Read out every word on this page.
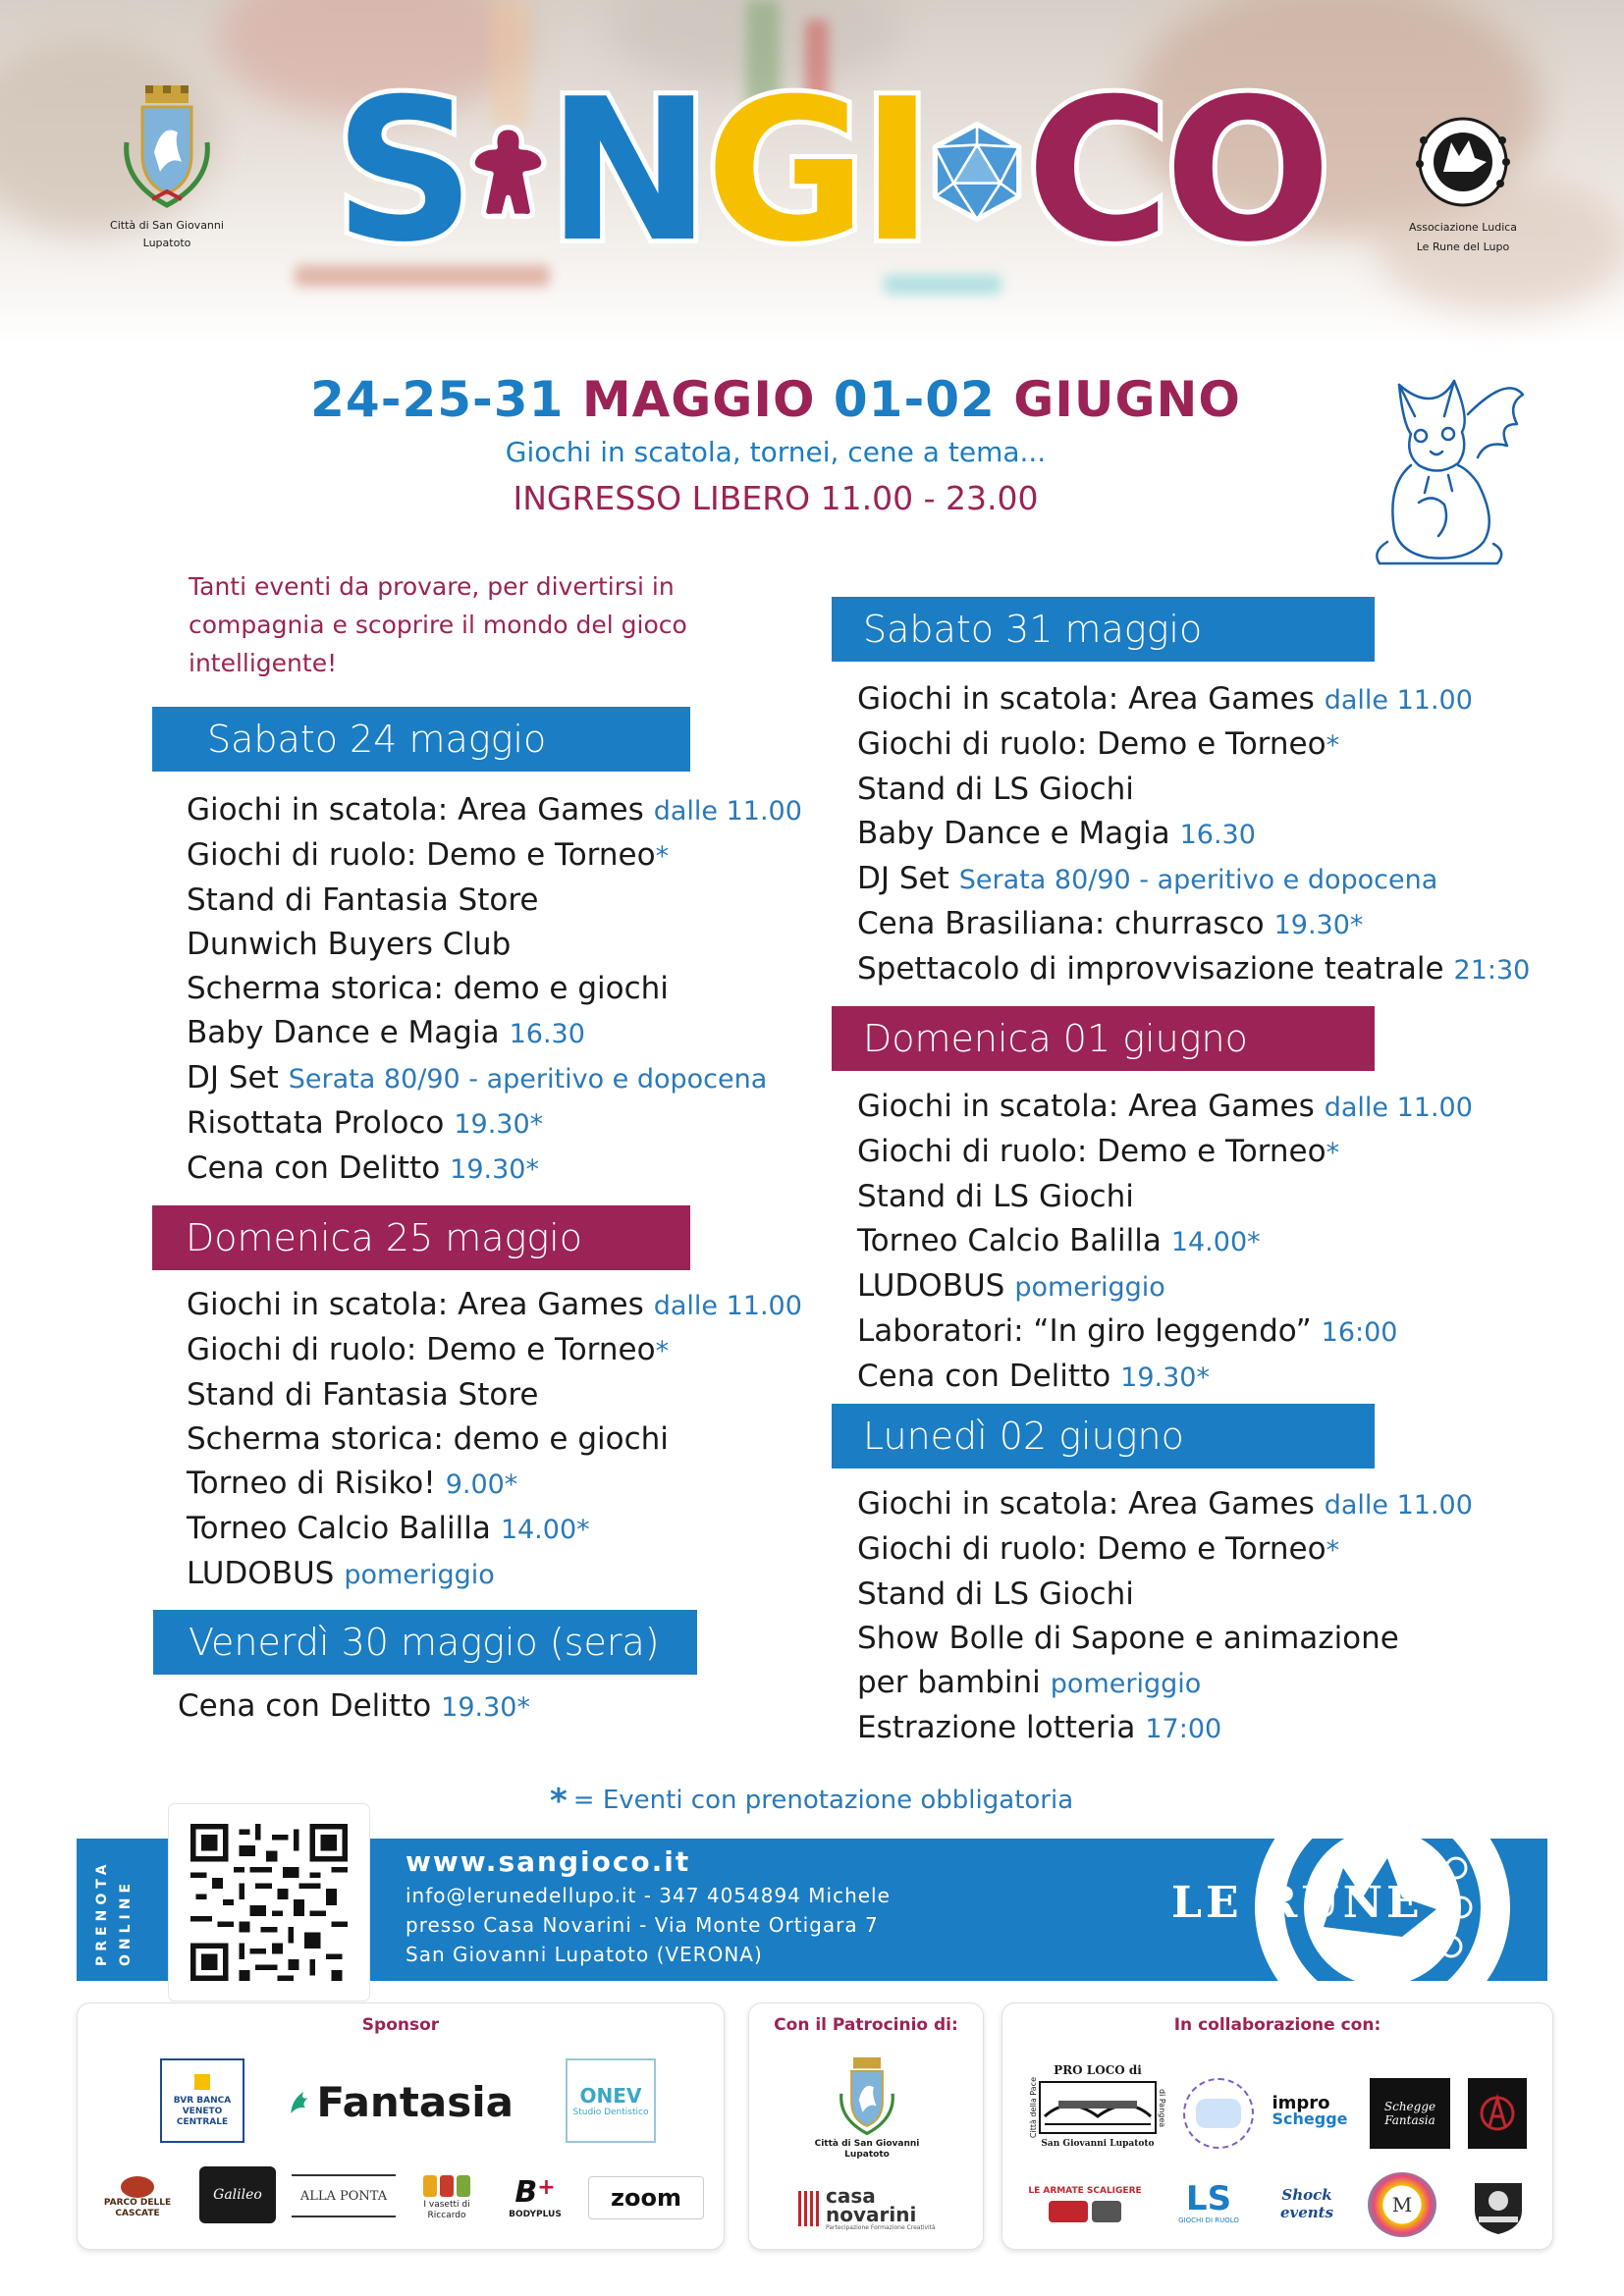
Città di San Giovanni
Lupatoto S N G I C O	Associazione Ludica
Le Rune del Lupo
24-25-31 MAGGIO 01-02 GIUGNO
Giochi in scatola, tornei, cene a tema...
INGRESSO LIBERO 11.00 - 23.00
Tanti eventi da provare, per divertirsi in compagnia e scoprire il mondo del gioco intelligente!
Sabato 24 maggio
Giochi in scatola: Area Games dalle 11.00
Giochi di ruolo: Demo e Torneo*
Stand di Fantasia Store
Dunwich Buyers Club
Scherma storica: demo e giochi
Baby Dance e Magia 16.30
DJ Set Serata 80/90 - aperitivo e dopocena
Risottata Proloco 19.30*
Cena con Delitto 19.30*
Domenica 25 maggio
Giochi in scatola: Area Games dalle 11.00
Giochi di ruolo: Demo e Torneo*
Stand di Fantasia Store
Scherma storica: demo e giochi
Torneo di Risiko! 9.00*
Torneo Calcio Balilla 14.00*
LUDOBUS pomeriggio
Venerdì 30 maggio (sera)
Cena con Delitto 19.30*
Sabato 31 maggio
Giochi in scatola: Area Games dalle 11.00
Giochi di ruolo: Demo e Torneo*
Stand di LS Giochi
Baby Dance e Magia 16.30
DJ Set Serata 80/90 - aperitivo e dopocena
Cena Brasiliana: churrasco 19.30*
Spettacolo di improvvisazione teatrale 21:30
Domenica 01 giugno
Giochi in scatola: Area Games dalle 11.00
Giochi di ruolo: Demo e Torneo*
Stand di LS Giochi
Torneo Calcio Balilla 14.00*
LUDOBUS pomeriggio
Laboratori: “In giro leggendo” 16:00
Cena con Delitto 19.30*
Lunedì 02 giugno
Giochi in scatola: Area Games dalle 11.00
Giochi di ruolo: Demo e Torneo*
Stand di LS Giochi
Show Bolle di Sapone e animazione
per bambini pomeriggio
Estrazione lotteria 17:00
* = Eventi con prenotazione obbligatoria
LE RUNE
PRENOTA ONLINE
www.sangioco.it
info@lerunedellupo.it - 347 4054894 Michele
presso Casa Novarini - Via Monte Ortigara 7
San Giovanni Lupatoto (VERONA)
Sponsor
BVR BANCA VENETO CENTRALE Fantasia	ONEV
Studio Dentistico
PARCO DELLE CASCATE
Galileo	ALLA PONTA
I vasetti di Riccardo
B+
BODYPLUS
zoom
Con il Patrocinio di:
Città di San Giovanni
Lupatoto
casa
novarini
Partecipazione Formazione Creatività
In collaborazione con:
PRO LOCO di
Città della Pace	di Pangea
San Giovanni Lupatoto
impro
Schegge
Schegge Fantasia
LE ARMATE SCALIGERE LS
GIOCHI DI RUOLO
Shock events	M
